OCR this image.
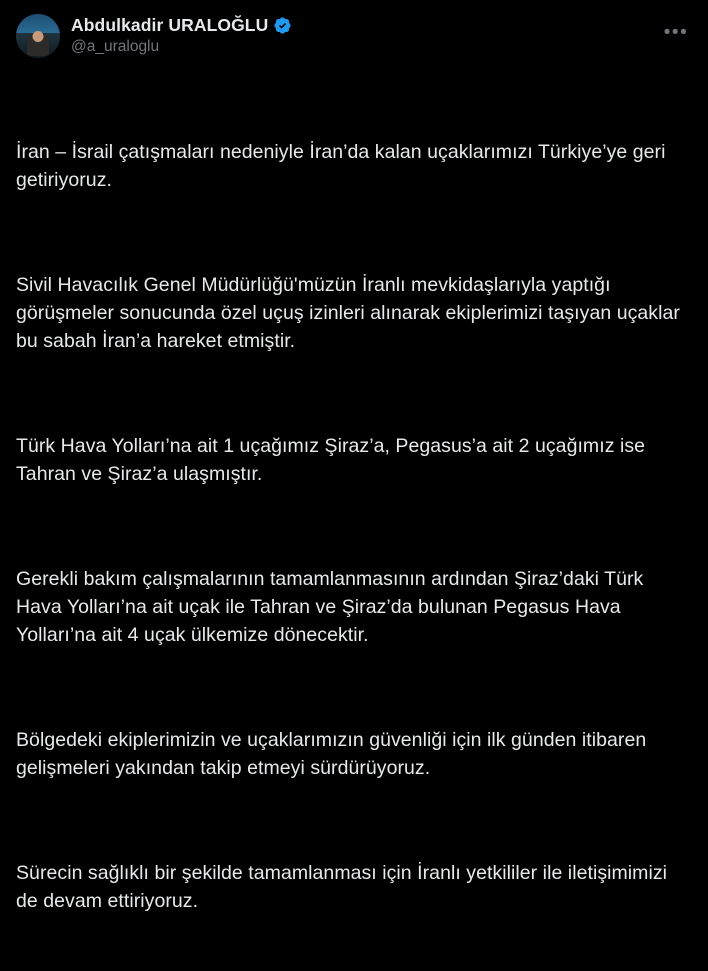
Abdulkadir URALOĞLU
@a_uraloglu
•••

İran – İsrail çatışmaları nedeniyle İran’da kalan uçaklarımızı Türkiye’ye geri getiriyoruz.

Sivil Havacılık Genel Müdürlüğü'müzün İranlı mevkidaşlarıyla yaptığı görüşmeler sonucunda özel uçuş izinleri alınarak ekiplerimizi taşıyan uçaklar bu sabah İran’a hareket etmiştir.

Türk Hava Yolları’na ait 1 uçağımız Şiraz’a, Pegasus’a ait 2 uçağımız ise Tahran ve Şiraz’a ulaşmıştır.

Gerekli bakım çalışmalarının tamamlanmasının ardından Şiraz’daki Türk Hava Yolları’na ait uçak ile Tahran ve Şiraz’da bulunan Pegasus Hava Yolları’na ait 4 uçak ülkemize dönecektir.

Bölgedeki ekiplerimizin ve uçaklarımızın güvenliği için ilk günden itibaren gelişmeleri yakından takip etmeyi sürdürüyoruz.

Sürecin sağlıklı bir şekilde tamamlanması için İranlı yetkililer ile iletişimimizi de devam ettiriyoruz.
